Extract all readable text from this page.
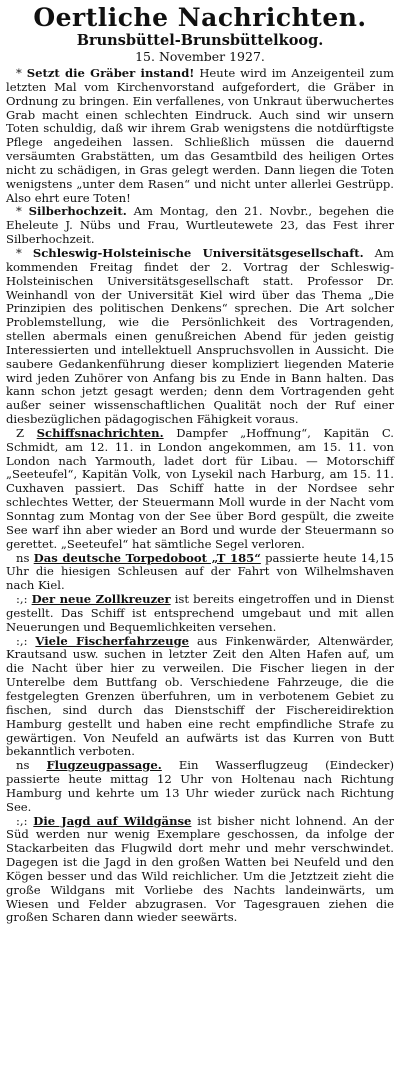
Oertliche Nachrichten.
Brunsbüttel-Brunsbüttelkoog.
15. November 1927.

* Setzt die Gräber instand! Heute wird im Anzeigenteil zum letzten Mal vom Kirchenvorstand aufgefordert, die Gräber in Ordnung zu bringen. Ein verfallenes, von Unkraut überwuchertes Grab macht einen schlechten Eindruck. Auch sind wir unsern Toten schuldig, daß wir ihrem Grab wenigstens die notdürftigste Pflege angedeihen lassen. Schließlich müssen die dauernd versäumten Grabstätten, um das Gesamtbild des heiligen Ortes nicht zu schädigen, in Gras gelegt werden. Dann liegen die Toten wenigstens „unter dem Rasen“ und nicht unter allerlei Gestrüpp. Also ehrt eure Toten!

* Silberhochzeit. Am Montag, den 21. Novbr., begehen die Eheleute J. Nübs und Frau, Wurtleutewete 23, das Fest ihrer Silberhochzeit.

* Schleswig-Holsteinische Universitätsgesellschaft. Am kommenden Freitag findet der 2. Vortrag der Schleswig-Holsteinischen Universitätsgesellschaft statt. Professor Dr. Weinhandl von der Universität Kiel wird über das Thema „Die Prinzipien des politischen Denkens“ sprechen. Die Art solcher Problemstellung, wie die Persönlichkeit des Vortragenden, stellen abermals einen genußreichen Abend für jeden geistig Interessierten und intellektuell Anspruchsvollen in Aussicht. Die saubere Gedankenführung dieser kompliziert liegenden Materie wird jeden Zuhörer von Anfang bis zu Ende in Bann halten. Das kann schon jetzt gesagt werden; denn dem Vortragenden geht außer seiner wissenschaftlichen Qualität noch der Ruf einer diesbezüglichen pädagogischen Fähigkeit voraus.

Z Schiffsnachrichten. Dampfer „Hoffnung“, Kapitän C. Schmidt, am 12. 11. in London angekommen, am 15. 11. von London nach Yarmouth, ladet dort für Libau. — Motorschiff „Seeteufel“, Kapitän Volk, von Lysekil nach Harburg, am 15. 11. Cuxhaven passiert. Das Schiff hatte in der Nordsee sehr schlechtes Wetter, der Steuermann Moll wurde in der Nacht vom Sonntag zum Montag von der See über Bord gespült, die zweite See warf ihn aber wieder an Bord und wurde der Steuermann so gerettet. „Seeteufel“ hat sämtliche Segel verloren.

ns Das deutsche Torpedoboot „T 185“ passierte heute 14,15 Uhr die hiesigen Schleusen auf der Fahrt von Wilhelmshaven nach Kiel.

:,: Der neue Zollkreuzer ist bereits eingetroffen und in Dienst gestellt. Das Schiff ist entsprechend umgebaut und mit allen Neuerungen und Bequemlichkeiten versehen.

:,: Viele Fischerfahrzeuge aus Finkenwärder, Altenwärder, Krautsand usw. suchen in letzter Zeit den Alten Hafen auf, um die Nacht über hier zu verweilen. Die Fischer liegen in der Unterelbe dem Buttfang ob. Verschiedene Fahrzeuge, die die festgelegten Grenzen überfuhren, um in verbotenem Gebiet zu fischen, sind durch das Dienstschiff der Fischereidirektion Hamburg gestellt und haben eine recht empfindliche Strafe zu gewärtigen. Von Neufeld an aufwärts ist das Kurren von Butt bekanntlich verboten.

ns Flugzeugpassage. Ein Wasserflugzeug (Eindecker) passierte heute mittag 12 Uhr von Holtenau nach Richtung Hamburg und kehrte um 13 Uhr wieder zurück nach Richtung See.

:,: Die Jagd auf Wildgänse ist bisher nicht lohnend. An der Süd werden nur wenig Exemplare geschossen, da infolge der Stackarbeiten das Flugwild dort mehr und mehr verschwindet. Dagegen ist die Jagd in den großen Watten bei Neufeld und den Kögen besser und das Wild reichlicher. Um die Jetztzeit zieht die große Wildgans mit Vorliebe des Nachts landeinwärts, um Wiesen und Felder abzugrasen. Vor Tagesgrauen ziehen die großen Scharen dann wieder seewärts.
